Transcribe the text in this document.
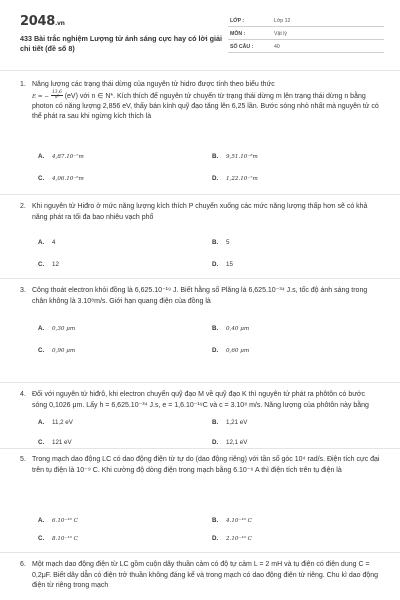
2048.vn
433 Bài trắc nghiệm Lượng tử ánh sáng cực hay có lời giải chi tiết (đề số 8)
LỚP :	Lớp 12
MÔN :	Vật lý
SỐ CÂU :	40
1. Năng lượng các trạng thái dừng của nguyên tử hidro được tính theo biểu thức
E = − $\frac{13,6}{\text{n²}} (eV)$ với n ∈ N*. Kích thích để nguyên tử chuyển từ trạng thái dừng m lên trạng thái dừng n bằng photon có năng lượng 2,856 eV, thấy bán kính quỹ đạo tăng lên 6,25 lần. Bước sóng nhỏ nhất mà nguyên tử có thể phát ra sau khi ngừng kích thích là
A. 4,87.10⁻⁷m	B. 9,51.10⁻⁸m
C. 4,06.10⁻⁶m	D. 1,22.10⁻⁷m
2. Khi nguyên tử Hiđro ở mức năng lượng kích thích P chuyển xuống các mức năng lượng thấp hơn sẽ có khả năng phát ra tối đa bao nhiêu vạch phổ
A. 4	B. 5
C. 12	D. 15
3. Công thoát electron khỏi đồng là 6,625.10⁻¹⁹ J. Biết hằng số Plăng là 6,625.10⁻³⁴ J.s, tốc độ ánh sáng trong chân không là 3.10⁸m/s. Giới hạn quang điện của đồng là
A. 0,30 μm	B. 0,40 μm
C. 0,90 μm	D. 0,60 μm
4. Đối với nguyên tử hiđrô, khi electron chuyển quỹ đạo M về quỹ đạo K thì nguyên tử phát ra phôtôn có bước sóng 0,1026 μm. Lấy h = 6,625.10⁻³⁴ J.s, e = 1,6.10⁻¹⁹C và c = 3.10⁸ m/s. Năng lượng của phôtôn này bằng
A. 11,2 eV	B. 1,21 eV
C. 121 eV	D. 12,1 eV
5. Trong mạch dao động LC có dao động điện từ tự do (dao động riêng) với tần số góc 10⁴ rad/s. Điện tích cực đại trên tụ điện là 10⁻⁹ C. Khi cường độ dòng điện trong mạch bằng 6.10⁻⁶ A thì điện tích trên tụ điện là
A. 6.10⁻¹⁰ C	B. 4.10⁻¹⁰ C
C. 8.10⁻¹⁰ C	D. 2.10⁻¹⁰ C
6. Một mạch dao động điện từ LC gồm cuộn dây thuần cảm có độ tự cảm L = 2 mH và tụ điện có điện dung C = 0,2μF. Biết dây dẫn có điện trở thuần không đáng kể và trong mạch có dao động điện từ riêng. Chu kì dao động điện từ riêng trong mạch
